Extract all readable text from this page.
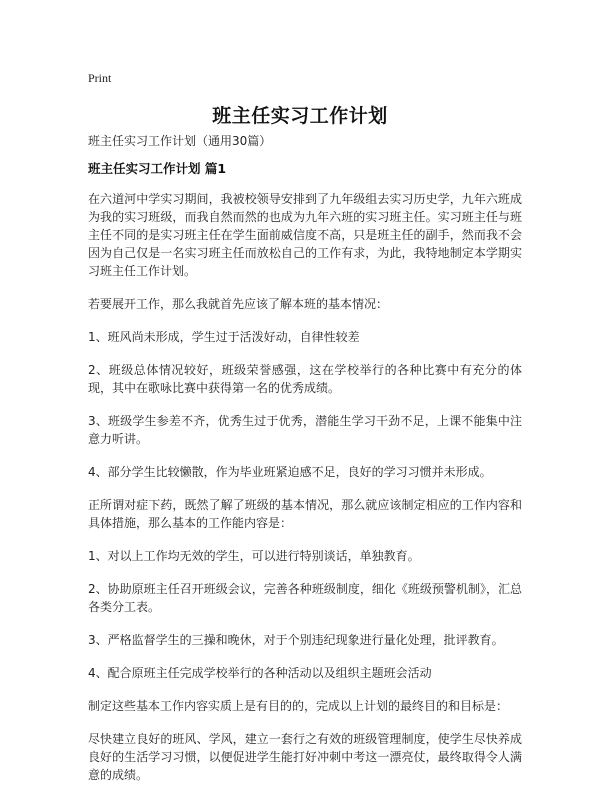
Print
班主任实习工作计划

班主任实习工作计划（通用30篇）

班主任实习工作计划 篇1

在六道河中学实习期间，我被校领导安排到了九年级组去实习历史学，九年六班成为我的实习班级，而我自然而然的也成为九年六班的实习班主任。实习班主任与班主任不同的是实习班主任在学生面前威信度不高，只是班主任的副手，然而我不会因为自己仅是一名实习班主任而放松自己的工作有求，为此，我特地制定本学期实习班主任工作计划。

若要展开工作，那么我就首先应该了解本班的基本情况：

1、班风尚未形成，学生过于活泼好动，自律性较差

2、班级总体情况较好，班级荣誉感强，这在学校举行的各种比赛中有充分的体现，其中在歌咏比赛中获得第一名的优秀成绩。

3、班级学生参差不齐，优秀生过于优秀，潜能生学习干劲不足，上课不能集中注意力听讲。

4、部分学生比较懒散，作为毕业班紧迫感不足，良好的学习习惯并未形成。

正所谓对症下药，既然了解了班级的基本情况，那么就应该制定相应的工作内容和具体措施，那么基本的工作能内容是：

1、对以上工作均无效的学生，可以进行特别谈话，单独教育。

2、协助原班主任召开班级会议，完善各种班级制度，细化《班级预警机制》，汇总各类分工表。

3、严格监督学生的三操和晚休，对于个别违纪现象进行量化处理，批评教育。

4、配合原班主任完成学校举行的各种活动以及组织主题班会活动

制定这些基本工作内容实质上是有目的的，完成以上计划的最终目的和目标是：

尽快建立良好的班风、学风，建立一套行之有效的班级管理制度，使学生尽快养成良好的生活学习习惯，以便促进学生能打好冲刺中考这一漂亮仗，最终取得令人满意的成绩。
